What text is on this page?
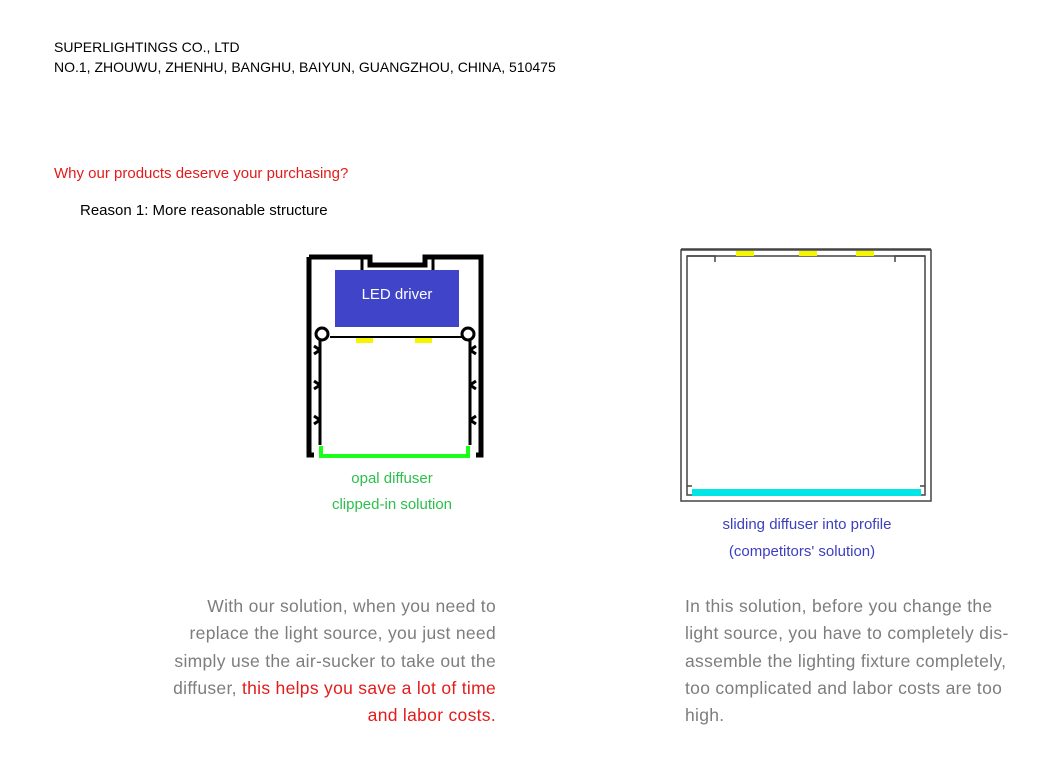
SUPERLIGHTINGS CO., LTD
NO.1, ZHOUWU, ZHENHU, BANGHU, BAIYUN, GUANGZHOU, CHINA, 510475
Why our products deserve your purchasing?
Reason 1: More reasonable structure
LED driver
opal diffuser
clipped-in solution
sliding diffuser into profile
(competitors' solution)
With our solution, when you need to replace the light source, you just need simply use the air-sucker to take out the diffuser, this helps you save a lot of time and labor costs.
In this solution, before you change the light source, you have to completely dis-assemble the lighting fixture completely, too complicated and labor costs are too high.
